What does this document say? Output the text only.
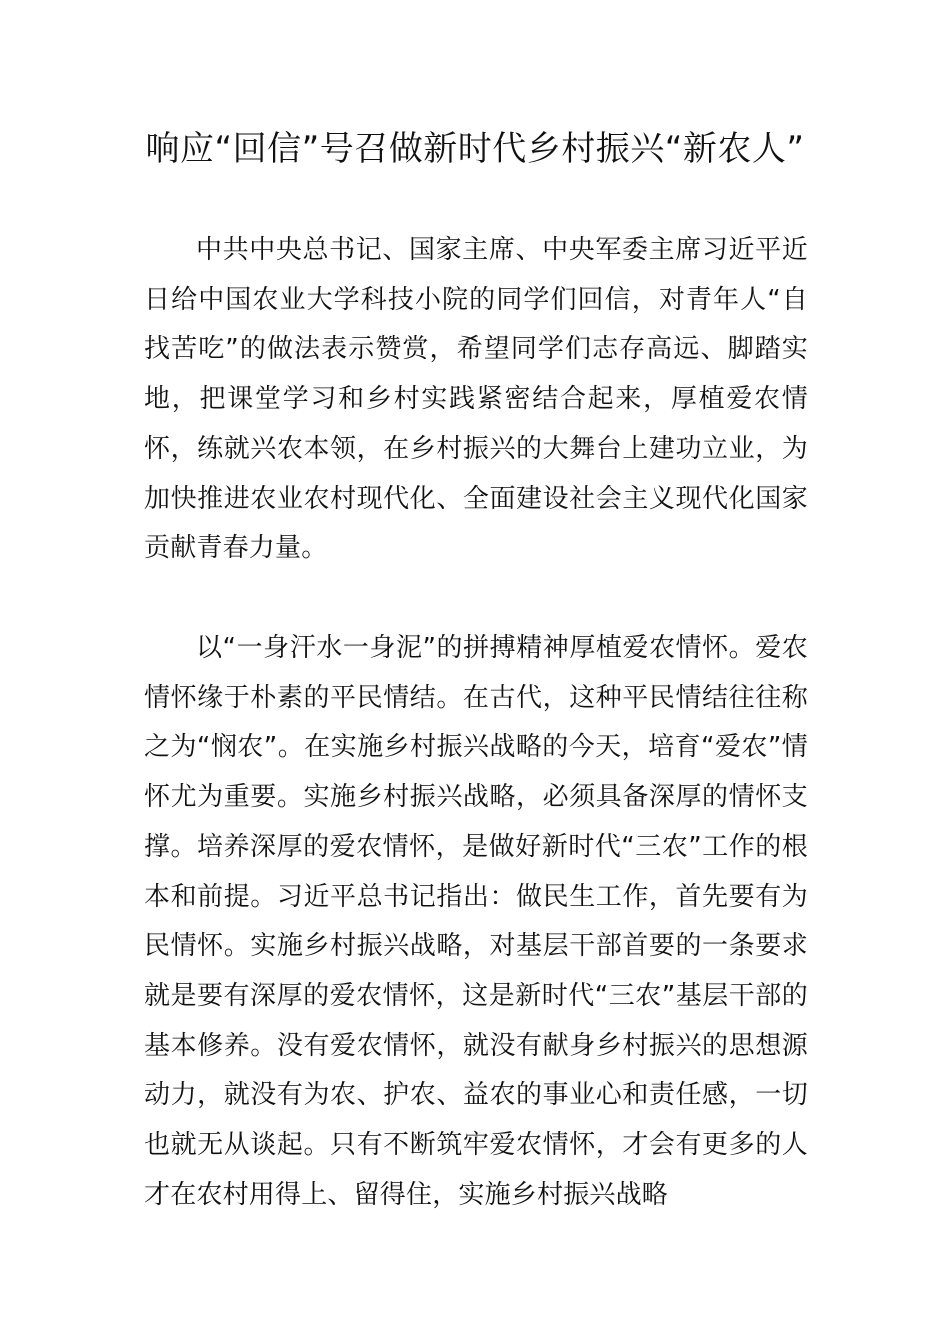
响应“回信”号召做新时代乡村振兴“新农人”

中共中央总书记、国家主席、中央军委主席习近平近日给中国农业大学科技小院的同学们回信，对青年人“自找苦吃”的做法表示赞赏，希望同学们志存高远、脚踏实地，把课堂学习和乡村实践紧密结合起来，厚植爱农情怀，练就兴农本领，在乡村振兴的大舞台上建功立业，为加快推进农业农村现代化、全面建设社会主义现代化国家贡献青春力量。

以“一身汗水一身泥”的拼搏精神厚植爱农情怀。爱农情怀缘于朴素的平民情结。在古代，这种平民情结往往称之为“悯农”。在实施乡村振兴战略的今天，培育“爱农”情怀尤为重要。实施乡村振兴战略，必须具备深厚的情怀支撑。培养深厚的爱农情怀，是做好新时代“三农”工作的根本和前提。习近平总书记指出：做民生工作，首先要有为民情怀。实施乡村振兴战略，对基层干部首要的一条要求就是要有深厚的爱农情怀，这是新时代“三农”基层干部的基本修养。没有爱农情怀，就没有献身乡村振兴的思想源动力，就没有为农、护农、益农的事业心和责任感，一切也就无从谈起。只有不断筑牢爱农情怀，才会有更多的人才在农村用得上、留得住，实施乡村振兴战略
